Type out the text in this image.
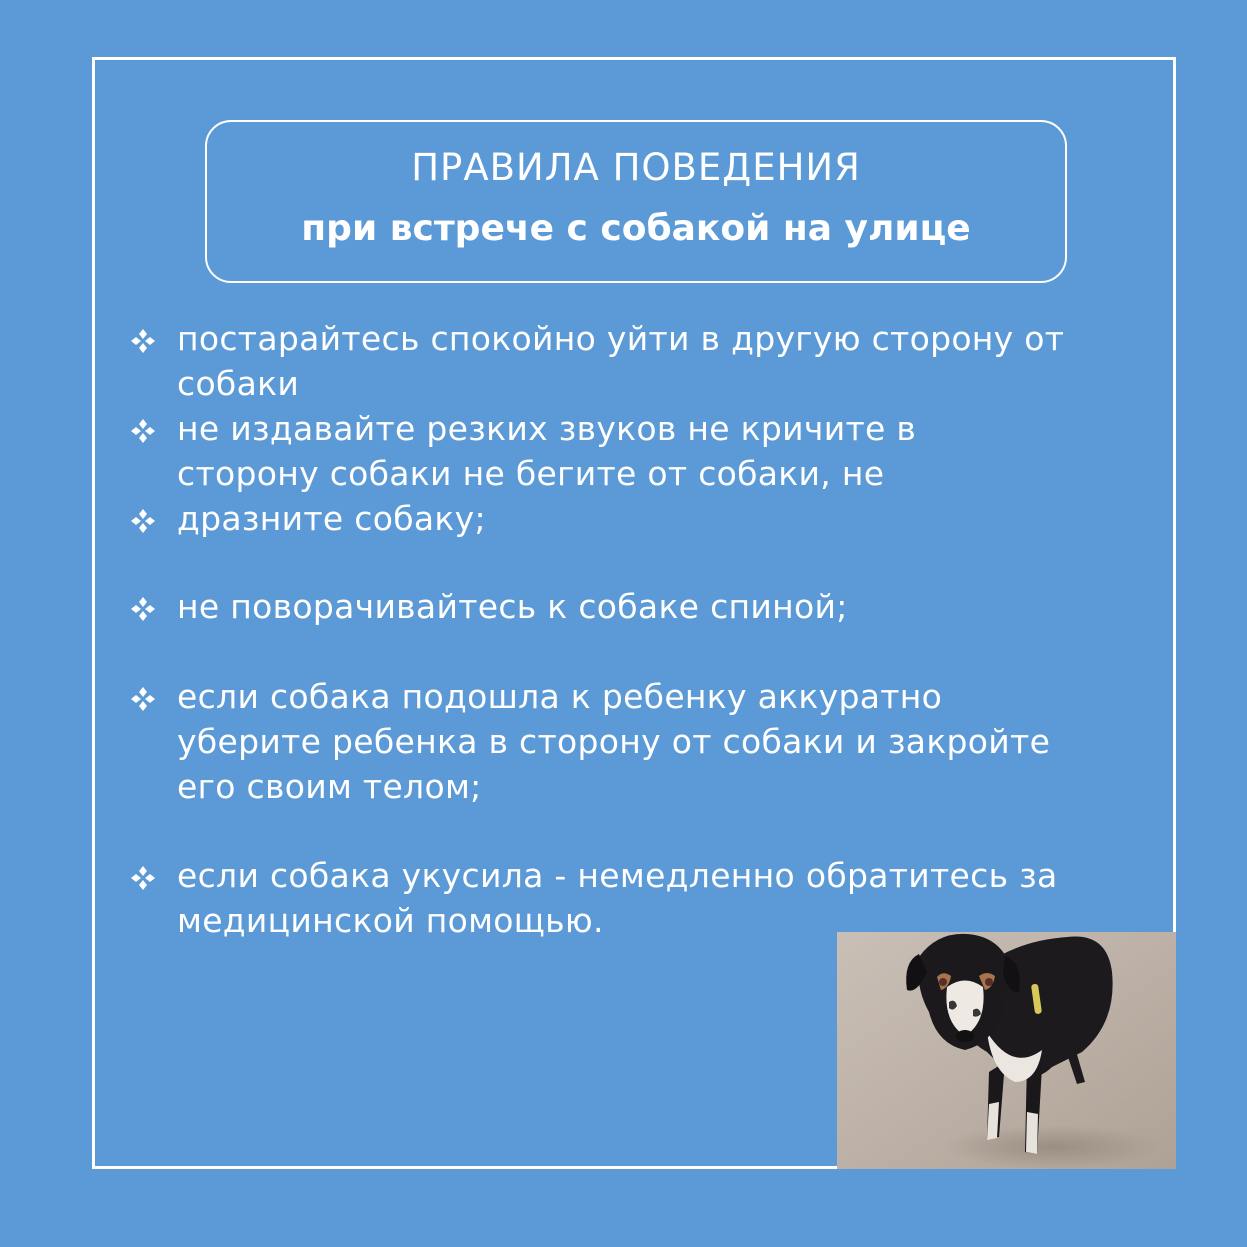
ПРАВИЛА ПОВЕДЕНИЯ
при встрече с собакой на улице
постарайтесь спокойно уйти в другую сторону от
собаки
не издавайте резких звуков не кричите в
сторону собаки не бегите от собаки, не
дразните собаку;
не поворачивайтесь к собаке спиной;
если собака подошла к ребенку аккуратно
уберите ребенка в сторону от собаки и закройте
его своим телом;
если собака укусила - немедленно обратитесь за
медицинской помощью.
